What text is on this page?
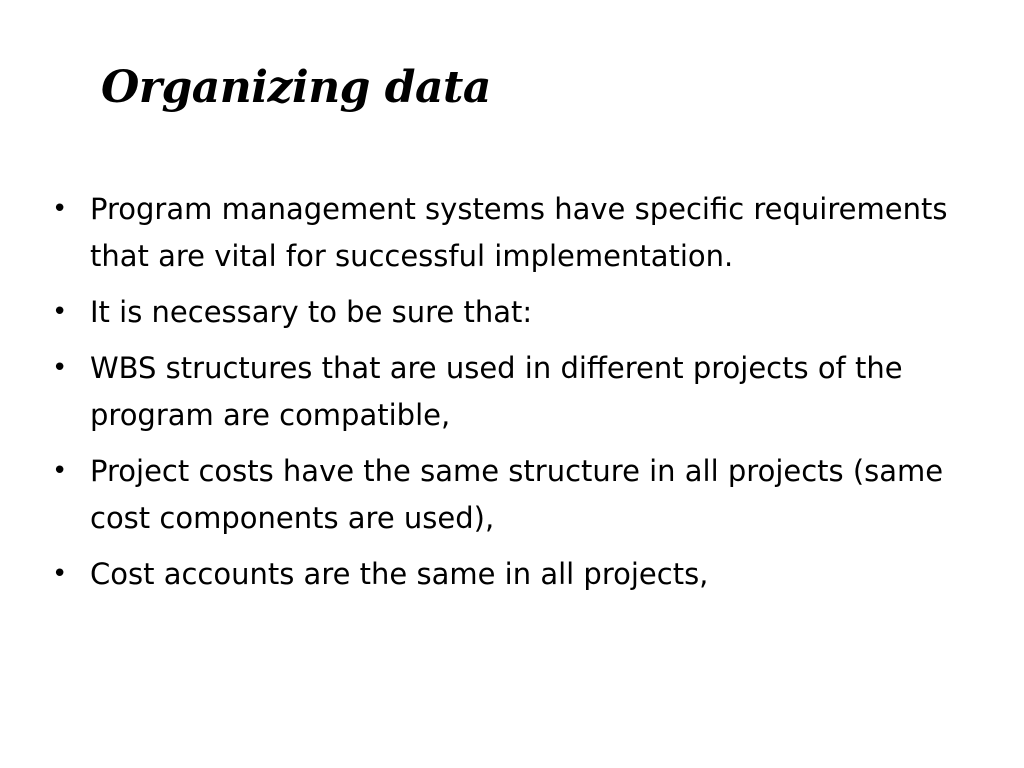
Organizing data
• Program management systems have specific requirements that are vital for successful implementation.
• It is necessary to be sure that:
• WBS structures that are used in different projects of the program are compatible,
• Project costs have the same structure in all projects (same cost components are used),
• Cost accounts are the same in all projects,
